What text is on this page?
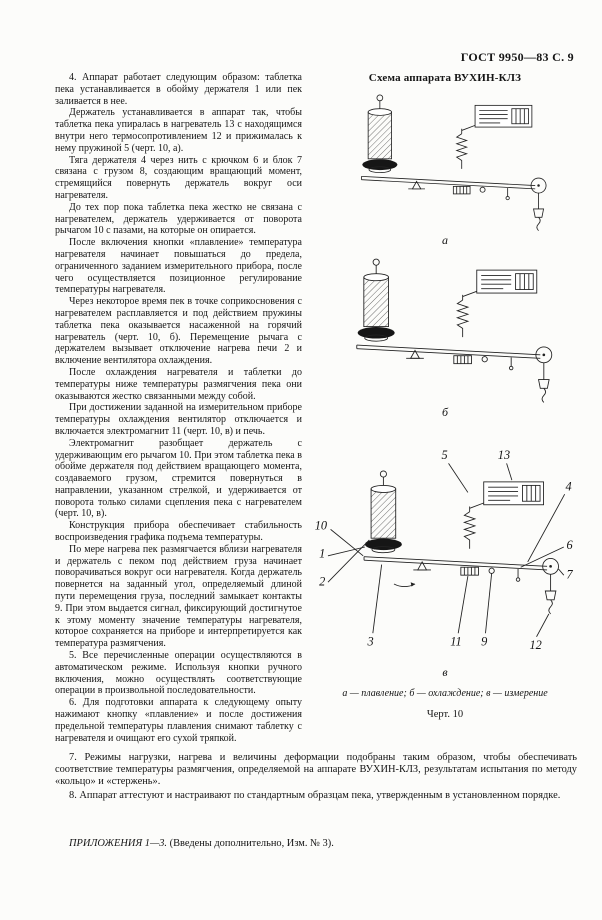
ГОСТ 9950—83 С. 9

4. Аппарат работает следующим образом: таблетка пека устанавливается в обойму держателя 1 или пек заливается в нее.

Держатель устанавливается в аппарат так, чтобы таблетка пека упиралась в нагреватель 13 с находящимся внутри него термосопротивлением 12 и прижималась к нему пружиной 5 (черт. 10, а).

Тяга держателя 4 через нить с крючком 6 и блок 7 связана с грузом 8, создающим вращающий момент, стремящийся повернуть держатель вокруг оси нагревателя.

До тех пор пока таблетка пека жестко не связана с нагревателем, держатель удерживается от поворота рычагом 10 с пазами, на которые он опирается.

После включения кнопки «плавление» температура нагревателя начинает повышаться до предела, ограниченного заданием измерительного прибора, после чего осуществляется позиционное регулирование температуры нагревателя.

Через некоторое время пек в точке соприкосновения с нагревателем расплавляется и под действием пружины таблетка пека оказывается насаженной на горячий нагреватель (черт. 10, б). Перемещение рычага с держателем вызывает отключение нагрева печи 2 и включение вентилятора охлаждения.

После охлаждения нагревателя и таблетки до температуры ниже температуры размягчения пека они оказываются жестко связанными между собой.

При достижении заданной на измерительном приборе температуры охлаждения вентилятор отключается и включается электромагнит 11 (черт. 10, в) и печь.

Электромагнит разобщает держатель с удерживающим его рычагом 10. При этом таблетка пека в обойме держателя под действием вращающего момента, создаваемого грузом, стремится повернуться в направлении, указанном стрелкой, и удерживается от поворота только силами сцепления пека с нагревателем (черт. 10, в).

Конструкция прибора обеспечивает стабильность воспроизведения графика подъема температуры.

По мере нагрева пек размягчается вблизи нагревателя и держатель с пеком под действием груза начинает поворачиваться вокруг оси нагревателя. Когда держатель повернется на заданный угол, определяемый длиной пути перемещения груза, последний замыкает контакты 9. При этом выдается сигнал, фиксирующий достигнутое к этому моменту значение температуры нагревателя, которое сохраняется на приборе и интерпретируется как температура размягчения.

5. Все перечисленные операции осуществляются в автоматическом режиме. Используя кнопки ручного включения, можно осуществлять соответствующие операции в произвольной последовательности.

6. Для подготовки аппарата к следующему опыту нажимают кнопку «плавление» и после достижения предельной температуры плавления снимают таблетку с нагревателя и очищают его сухой тряпкой.

Схема аппарата ВУХИН-КЛЗ
а
б
5	13
4
10
1
2
3
6
7
11 9	12
в
а — плавление; б — охлаждение; в — измерение
Черт. 10

7. Режимы нагрузки, нагрева и величины деформации подобраны таким образом, чтобы обеспечивать соответствие температуры размягчения, определяемой на аппарате ВУХИН-КЛЗ, результатам испытания по методу «кольцо» и «стержень».

8. Аппарат аттестуют и настраивают по стандартным образцам пека, утвержденным в установленном порядке.

ПРИЛОЖЕНИЯ 1—3. (Введены дополнительно, Изм. № 3).
